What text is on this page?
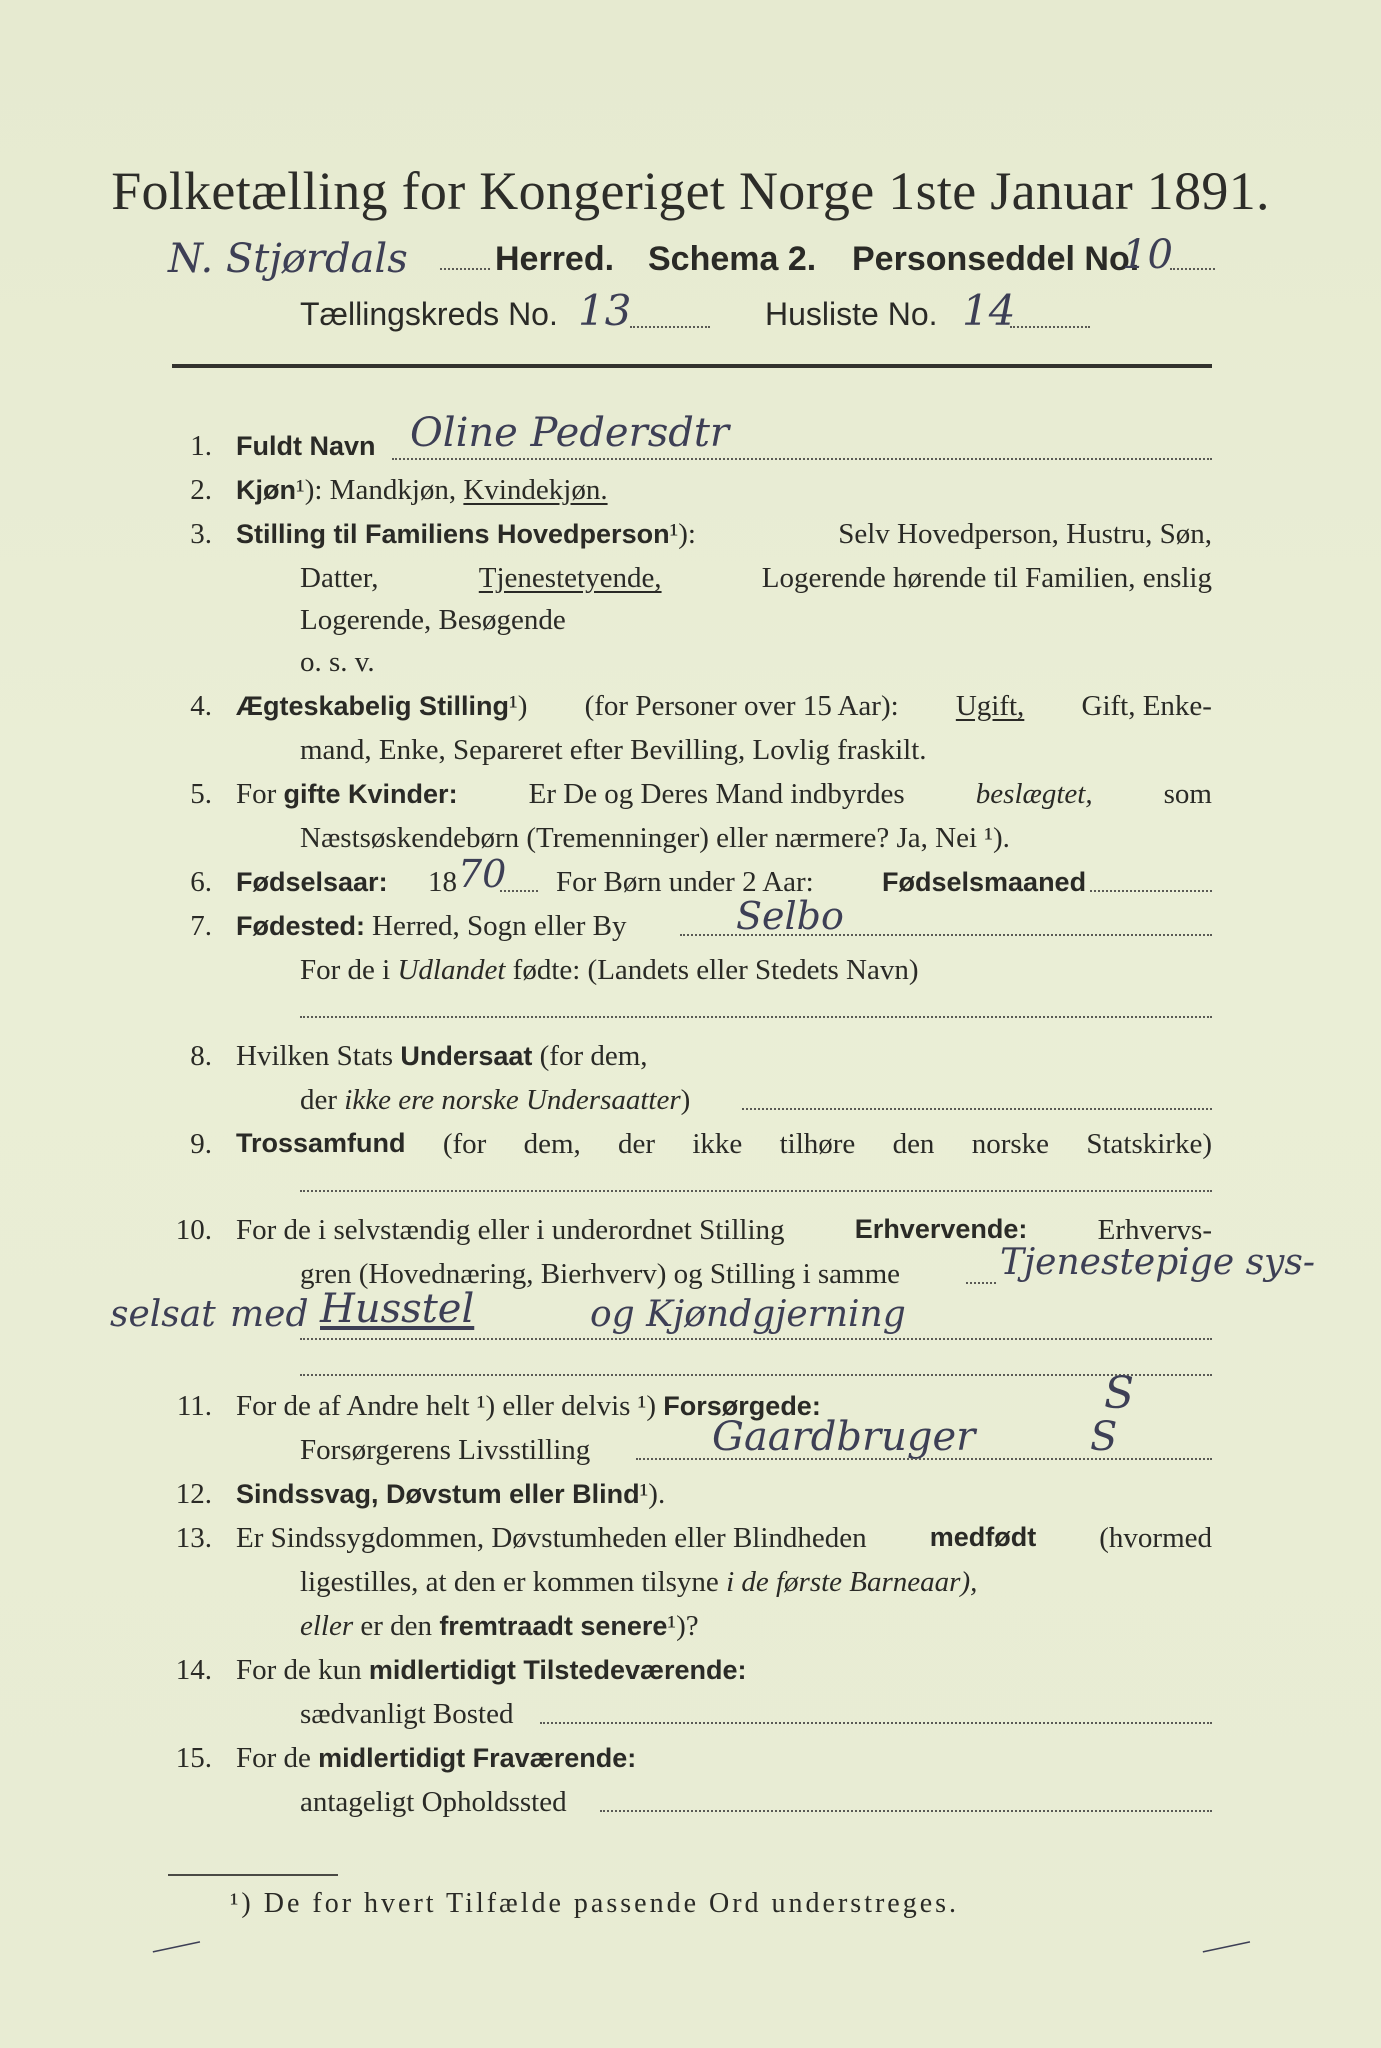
Folketælling for Kongeriget Norge 1ste Januar 1891.
N. Stjørdals	Herred. Schema 2. Personseddel No.
10
Tællingskreds No. 13	Husliste No. 14
1. Fuldt Navn Oline Pedersdtr
2. Kjøn¹): Mandkjøn, Kvindekjøn.
3. Stilling til Familiens Hovedperson¹):	Selv Hovedperson, Hustru, Søn,
Datter,	Tjenestetyende,	Logerende hørende til Familien, enslig
Logerende, Besøgende
o. s. v.
4. Ægteskabelig Stilling¹) (for Personer over 15 Aar): Ugift, Gift, Enke-
mand, Enke, Separeret efter Bevilling, Lovlig fraskilt.
5. For gifte Kvinder: Er De og Deres Mand indbyrdes beslægtet, som
Næstsøskendebørn (Tremenninger) eller nærmere? Ja, Nei ¹).
6. Fødselsaar: 18 70 For Børn under 2 Aar:	Fødselsmaaned
7. Fødested: Herred, Sogn eller By	Selbo
For de i Udlandet fødte: (Landets eller Stedets Navn)
8. Hvilken Stats Undersaat (for dem,
der ikke ere norske Undersaatter)
9. Trossamfund (for dem, der ikke tilhøre den norske Statskirke)
10. For de i selvstændig eller i underordnet Stilling	Erhvervende: Erhvervs-
gren (Hovednæring, Bierhverv) og Stilling i samme	Tjenestepige sys-
selsat med Husstel	og Kjøndgjerning
11. For de af Andre helt ¹) eller delvis ¹) Forsørgede:	S
Forsørgerens Livsstilling	Gaardbruger	S
12. Sindssvag, Døvstum eller Blind¹).
13. Er Sindssygdommen, Døvstumheden eller Blindheden medfødt (hvormed
ligestilles, at den er kommen tilsyne i de første Barneaar),
eller er den fremtraadt senere¹)?
14. For de kun midlertidigt Tilstedeværende:
sædvanligt Bosted
15. For de midlertidigt Fraværende:
antageligt Opholdssted
¹) De for hvert Tilfælde passende Ord understreges.
⸺	⸺
